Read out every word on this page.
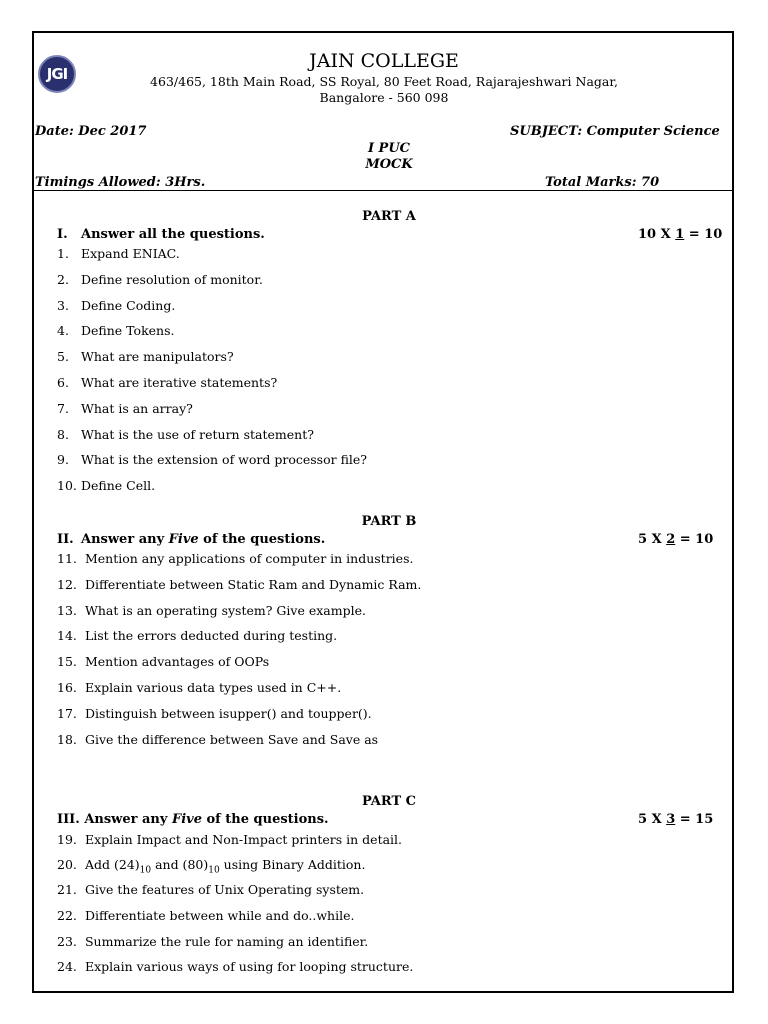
JGI
JAIN COLLEGE
463/465, 18th Main Road, SS Royal, 80 Feet Road, Rajarajeshwari Nagar,
Bangalore - 560 098
Date: Dec 2017	SUBJECT: Computer Science
I PUC
MOCK
Timings Allowed: 3Hrs.	Total Marks: 70
PART A
I. Answer all the questions.	10 X 1 = 10
1. Expand ENIAC.
2. Define resolution of monitor.
3. Define Coding.
4. Define Tokens.
5. What are manipulators?
6. What are iterative statements?
7. What is an array?
8. What is the use of return statement?
9. What is the extension of word processor file?
10. Define Cell.
PART B
II. Answer any Five of the questions.	5 X 2 = 10
11. Mention any applications of computer in industries.
12. Differentiate between Static Ram and Dynamic Ram.
13. What is an operating system? Give example.
14. List the errors deducted during testing.
15. Mention advantages of OOPs
16. Explain various data types used in C++.
17. Distinguish between isupper() and toupper().
18. Give the difference between Save and Save as
PART C
III. Answer any Five of the questions.	5 X 3 = 15
19. Explain Impact and Non-Impact printers in detail.
20. Add $(24)_{10}$ and $(80)_{10}$ using Binary Addition.
21. Give the features of Unix Operating system.
22. Differentiate between while and do..while.
23. Summarize the rule for naming an identifier.
24. Explain various ways of using for looping structure.
